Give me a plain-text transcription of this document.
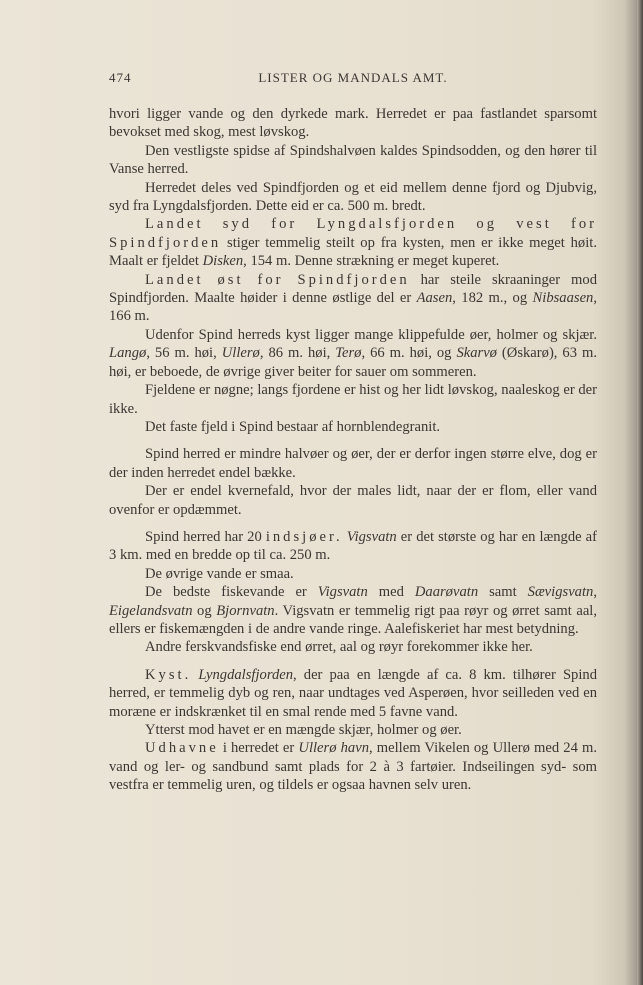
474	LISTER OG MANDALS AMT.

hvori ligger vande og den dyrkede mark. Herredet er paa fastlandet sparsomt bevokset med skog, mest løvskog.

Den vestligste spidse af Spindshalvøen kaldes Spindsodden, og den hører til Vanse herred.

Herredet deles ved Spindfjorden og et eid mellem denne fjord og Djubvig, syd fra Lyngdalsfjorden. Dette eid er ca. 500 m. bredt.

Landet syd for Lyngdalsfjorden og vest for Spindfjorden stiger temmelig steilt op fra kysten, men er ikke meget høit. Maalt er fjeldet Disken, 154 m. Denne strækning er meget kuperet.

Landet øst for Spindfjorden har steile skraaninger mod Spindfjorden. Maalte høider i denne østlige del er Aasen, 182 m., og Nibsaasen, 166 m.

Udenfor Spind herreds kyst ligger mange klippefulde øer, holmer og skjær. Langø, 56 m. høi, Ullerø, 86 m. høi, Terø, 66 m. høi, og Skarvø (Øskarø), 63 m. høi, er beboede, de øvrige giver beiter for sauer om sommeren.

Fjeldene er nøgne; langs fjordene er hist og her lidt løvskog, naaleskog er der ikke.

Det faste fjeld i Spind bestaar af hornblendegranit.

Spind herred er mindre halvøer og øer, der er derfor ingen større elve, dog er der inden herredet endel bække.

Der er endel kvernefald, hvor der males lidt, naar der er flom, eller vand ovenfor er opdæmmet.

Spind herred har 20 indsjøer. Vigsvatn er det største og har en længde af 3 km. med en bredde op til ca. 250 m.

De øvrige vande er smaa.

De bedste fiskevande er Vigsvatn med Daarøvatn samt Sævigsvatn, Eigelandsvatn og Bjornvatn. Vigsvatn er temmelig rigt paa røyr og ørret samt aal, ellers er fiskemængden i de andre vande ringe. Aalefiskeriet har mest betydning.

Andre ferskvandsfiske end ørret, aal og røyr forekommer ikke her.

Kyst. Lyngdalsfjorden, der paa en længde af ca. 8 km. tilhører Spind herred, er temmelig dyb og ren, naar undtages ved Asperøen, hvor seilleden ved en moræne er indskrænket til en smal rende med 5 favne vand.

Ytterst mod havet er en mængde skjær, holmer og øer.

Udhavne i herredet er Ullerø havn, mellem Vikelen og Ullerø med 24 m. vand og ler- og sandbund samt plads for 2 à 3 fartøier. Indseilingen syd- som vestfra er temmelig uren, og tildels er ogsaa havnen selv uren.
